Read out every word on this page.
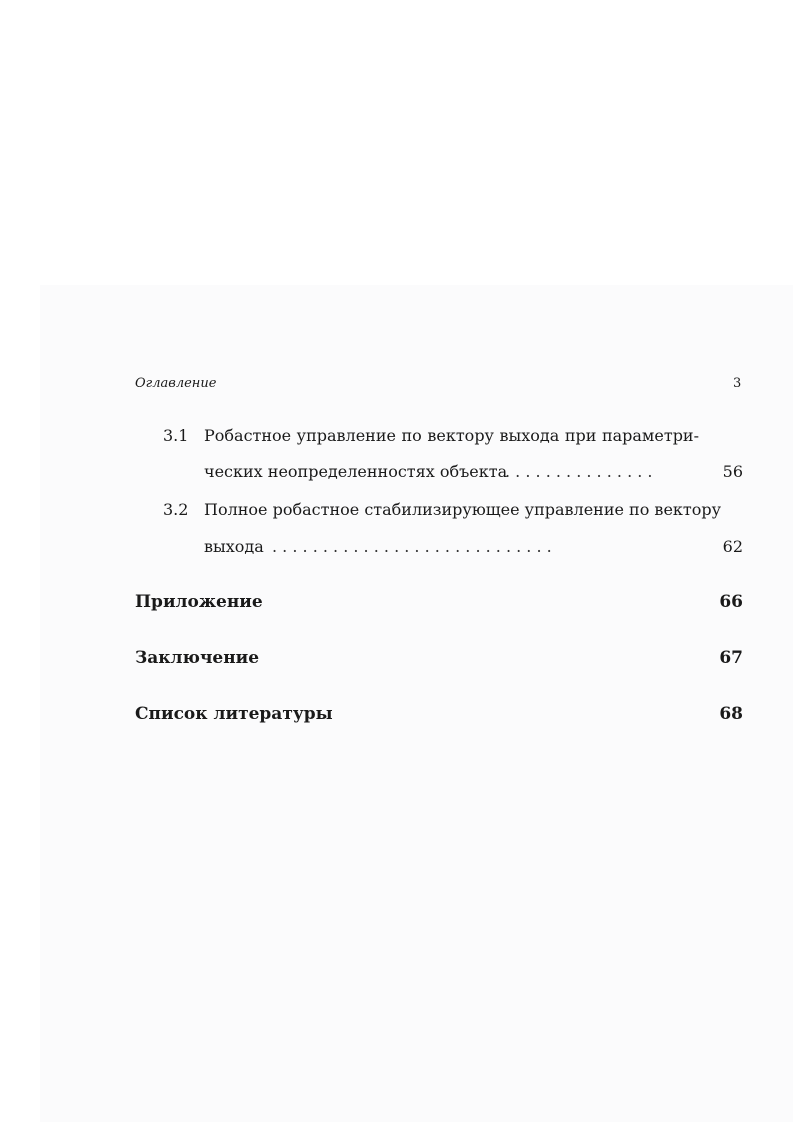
Оглавление	3
3.1 Робастное управление по вектору выхода при параметри-
ческих неопределенностях объекта
. . . . . . . . . . . . . . .	56
3.2 Полное робастное стабилизирующее управление по вектору
выхода . . . . . . . . . . . . . . . . . . . . . . . . . . . .	62
Приложение	66
Заключение	67
Список литературы	68
